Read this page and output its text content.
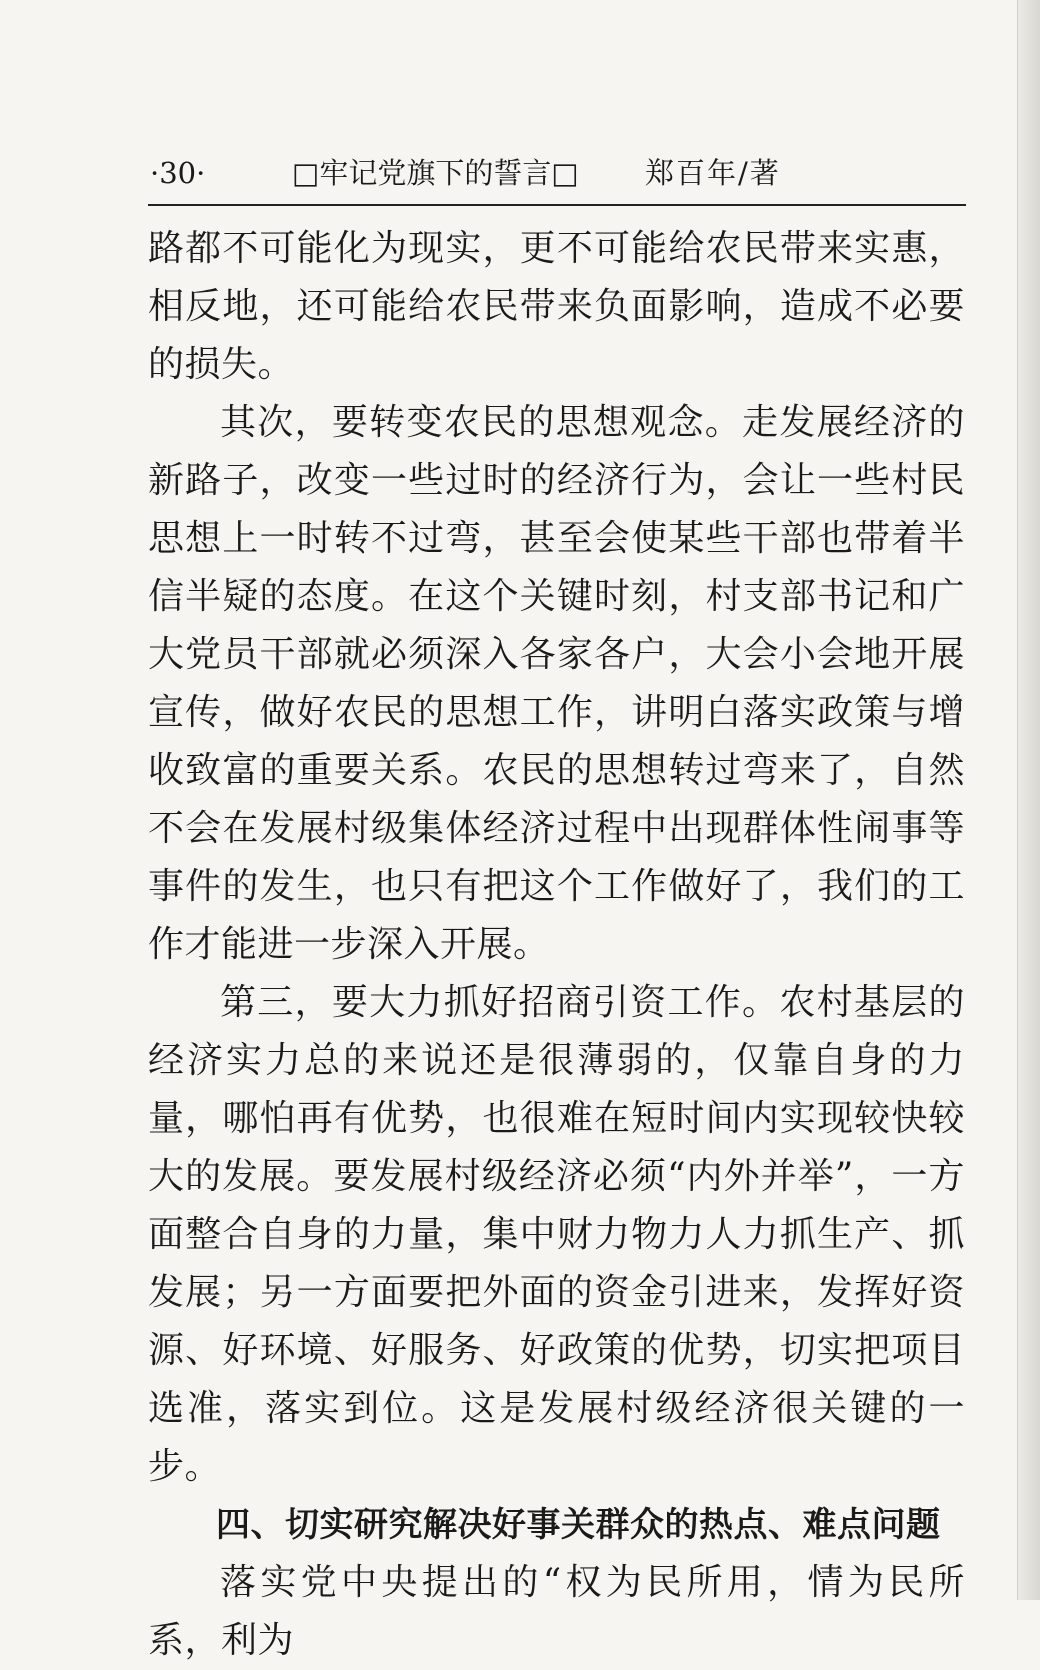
·30·	□牢记党旗下的誓言□ 郑百年/著

路都不可能化为现实，更不可能给农民带来实惠，相反地，还可能给农民带来负面影响，造成不必要的损失。

其次，要转变农民的思想观念。走发展经济的新路子，改变一些过时的经济行为，会让一些村民思想上一时转不过弯，甚至会使某些干部也带着半信半疑的态度。在这个关键时刻，村支部书记和广大党员干部就必须深入各家各户，大会小会地开展宣传，做好农民的思想工作，讲明白落实政策与增收致富的重要关系。农民的思想转过弯来了，自然不会在发展村级集体经济过程中出现群体性闹事等事件的发生，也只有把这个工作做好了，我们的工作才能进一步深入开展。

第三，要大力抓好招商引资工作。农村基层的经济实力总的来说还是很薄弱的，仅靠自身的力量，哪怕再有优势，也很难在短时间内实现较快较大的发展。要发展村级经济必须“内外并举”，一方面整合自身的力量，集中财力物力人力抓生产、抓发展；另一方面要把外面的资金引进来，发挥好资源、好环境、好服务、好政策的优势，切实把项目选准，落实到位。这是发展村级经济很关键的一步。

四、切实研究解决好事关群众的热点、难点问题

落实党中央提出的“权为民所用，情为民所系，利为
